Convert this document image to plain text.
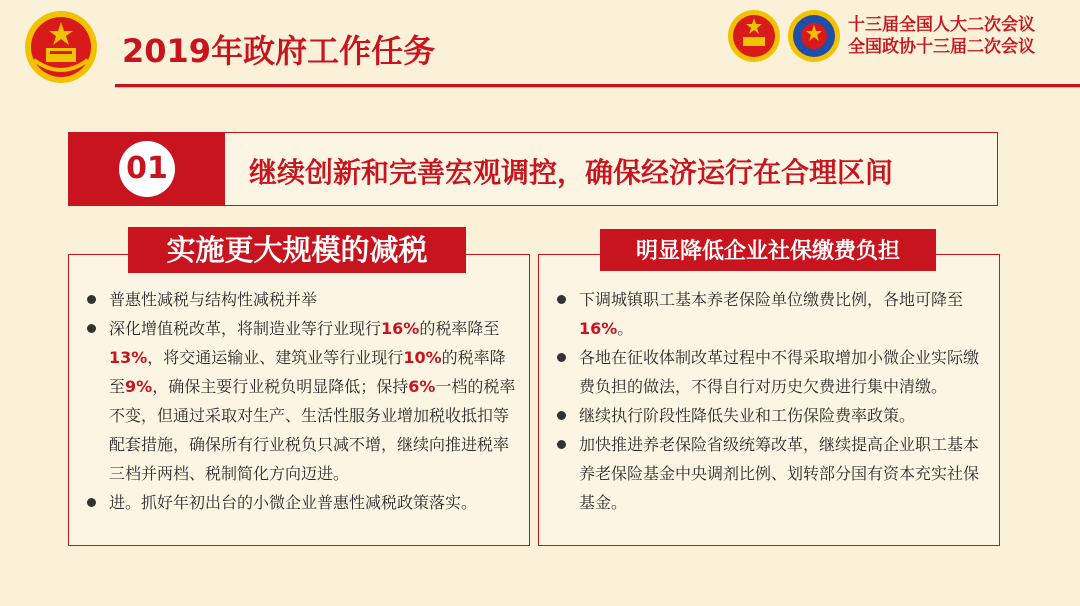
2019年政府工作任务
十三届全国人大二次会议
全国政协十三届二次会议
01	继续创新和完善宏观调控，确保经济运行在合理区间
普惠性减税与结构性减税并举
深化增值税改革，将制造业等行业现行16%的税率降至13%，将交通运输业、建筑业等行业现行10%的税率降至9%，确保主要行业税负明显降低；保持6%一档的税率不变，但通过采取对生产、生活性服务业增加税收抵扣等配套措施，确保所有行业税负只减不增，继续向推进税率三档并两档、税制简化方向迈进。
进。抓好年初出台的小微企业普惠性减税政策落实。
实施更大规模的减税
下调城镇职工基本养老保险单位缴费比例，各地可降至16%。
各地在征收体制改革过程中不得采取增加小微企业实际缴费负担的做法，不得自行对历史欠费进行集中清缴。
继续执行阶段性降低失业和工伤保险费率政策。
加快推进养老保险省级统筹改革，继续提高企业职工基本养老保险基金中央调剂比例、划转部分国有资本充实社保基金。
明显降低企业社保缴费负担
